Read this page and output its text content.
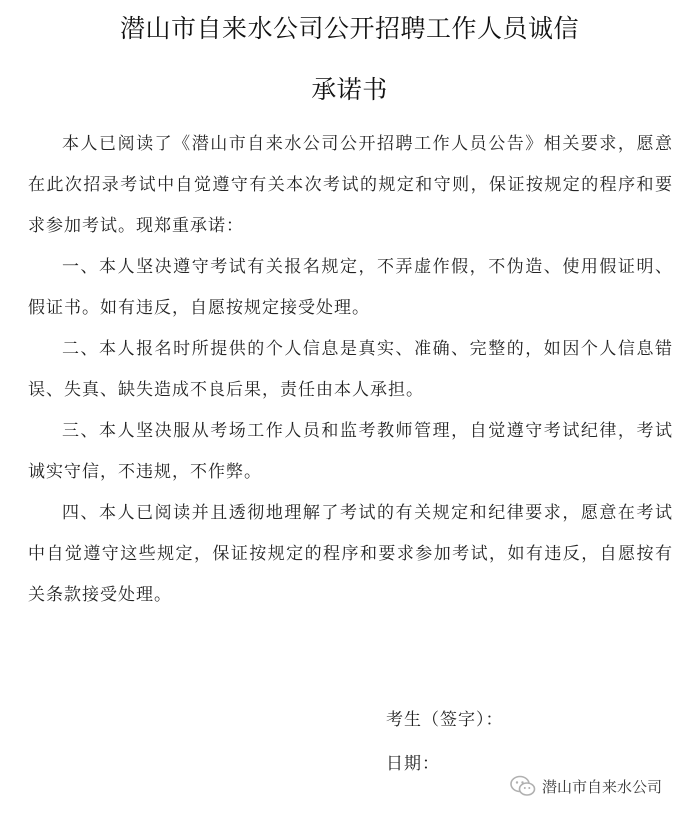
潜山市自来水公司公开招聘工作人员诚信
承诺书

本人已阅读了《潜山市自来水公司公开招聘工作人员公告》相关要求，愿意在此次招录考试中自觉遵守有关本次考试的规定和守则，保证按规定的程序和要求参加考试。现郑重承诺：

一、本人坚决遵守考试有关报名规定，不弄虚作假，不伪造、使用假证明、假证书。如有违反，自愿按规定接受处理。

二、本人报名时所提供的个人信息是真实、准确、完整的，如因个人信息错误、失真、缺失造成不良后果，责任由本人承担。

三、本人坚决服从考场工作人员和监考教师管理，自觉遵守考试纪律，考试诚实守信，不违规，不作弊。

四、本人已阅读并且透彻地理解了考试的有关规定和纪律要求，愿意在考试中自觉遵守这些规定，保证按规定的程序和要求参加考试，如有违反，自愿按有关条款接受处理。

考生（签字）：
日期：
潜山市自来水公司
